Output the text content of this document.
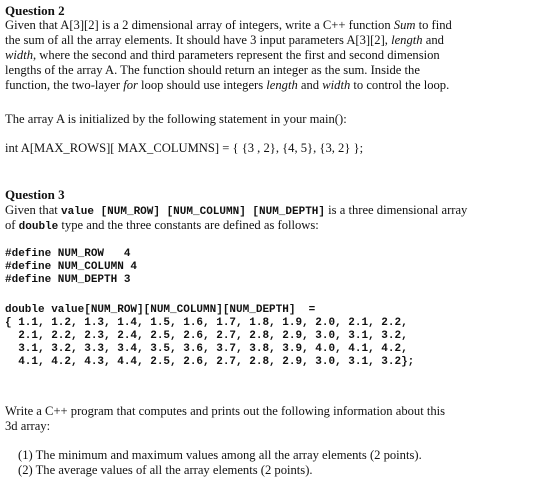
Question 2
Given that A[3][2] is a 2 dimensional array of integers, write a C++ function Sum to find
the sum of all the array elements. It should have 3 input parameters A[3][2], length and
width, where the second and third parameters represent the first and second dimension
lengths of the array A. The function should return an integer as the sum. Inside the
function, the two-layer for loop should use integers length and width to control the loop.
The array A is initialized by the following statement in your main():
int A[MAX_ROWS][ MAX_COLUMNS] = { {3 , 2}, {4, 5}, {3, 2} };
Question 3
Given that value [NUM_ROW] [NUM_COLUMN] [NUM_DEPTH] is a three dimensional array
of double type and the three constants are defined as follows:
#define NUM_ROW   4
#define NUM_COLUMN 4
#define NUM_DEPTH 3
double value[NUM_ROW][NUM_COLUMN][NUM_DEPTH]  =
{ 1.1, 1.2, 1.3, 1.4, 1.5, 1.6, 1.7, 1.8, 1.9, 2.0, 2.1, 2.2,
2.1, 2.2, 2.3, 2.4, 2.5, 2.6, 2.7, 2.8, 2.9, 3.0, 3.1, 3.2,
3.1, 3.2, 3.3, 3.4, 3.5, 3.6, 3.7, 3.8, 3.9, 4.0, 4.1, 4.2,
4.1, 4.2, 4.3, 4.4, 2.5, 2.6, 2.7, 2.8, 2.9, 3.0, 3.1, 3.2};
Write a C++ program that computes and prints out the following information about this
3d array:
(1) The minimum and maximum values among all the array elements (2 points).
(2) The average values of all the array elements (2 points).
